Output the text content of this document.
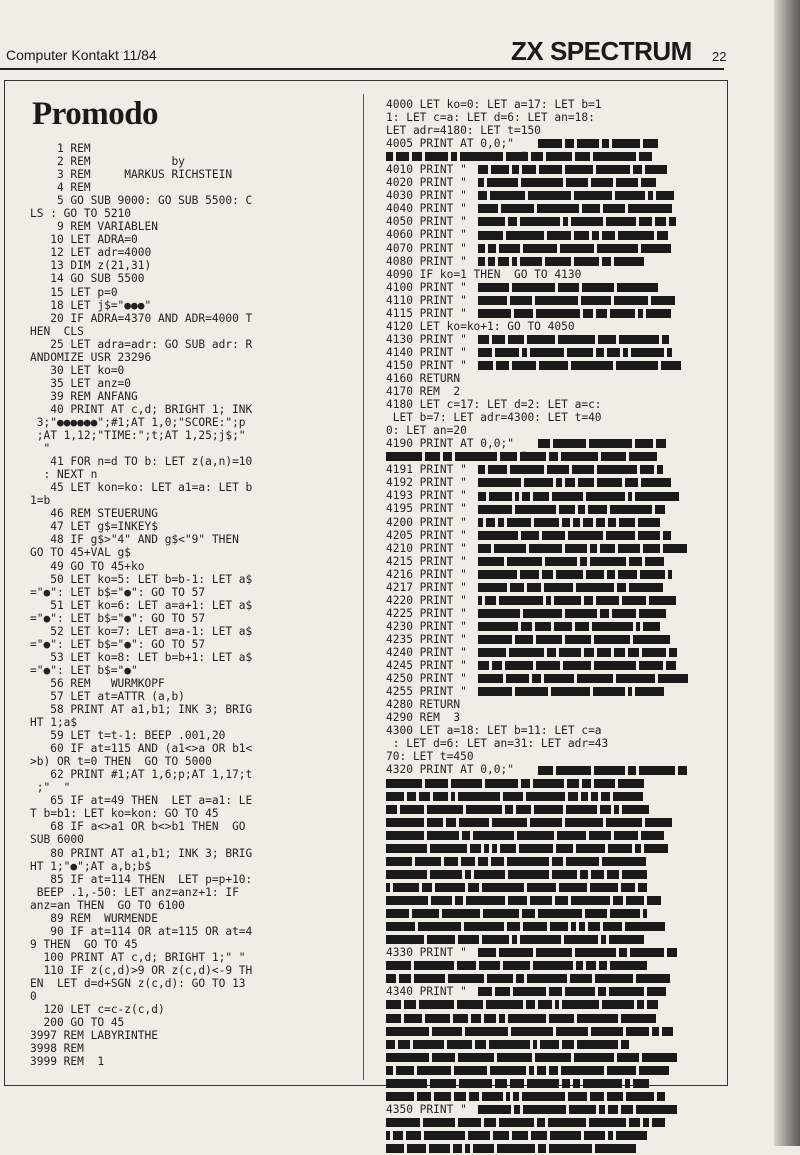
Computer Kontakt 11/84	ZX SPECTRUM 22
Promodo
1 REM
2 REM            by
3 REM     MARKUS RICHSTEIN
4 REM
5 GO SUB 9000: GO SUB 5500: C
LS : GO TO 5210
9 REM VARIABLEN
10 LET ADRA=0
12 LET adr=4000
13 DIM z(21,31)
14 GO SUB 5500
15 LET p=0
18 LET j$="●●●"
20 IF ADRA=4370 AND ADR=4000 T
HEN  CLS
25 LET adra=adr: GO SUB adr: R
ANDOMIZE USR 23296
30 LET ko=0
35 LET anz=0
39 REM ANFANG
40 PRINT AT c,d; BRIGHT 1; INK
3;"●●●●●●";#1;AT 1,0;"SCORE:";p
;AT 1,12;"TIME:";t;AT 1,25;j$;"
"
41 FOR n=d TO b: LET z(a,n)=10
: NEXT n
45 LET kon=ko: LET a1=a: LET b
1=b
46 REM STEUERUNG
47 LET g$=INKEY$
48 IF g$>"4" AND g$<"9" THEN
GO TO 45+VAL g$
49 GO TO 45+ko
50 LET ko=5: LET b=b-1: LET a$
="●": LET b$="●": GO TO 57
51 LET ko=6: LET a=a+1: LET a$
="●": LET b$="●": GO TO 57
52 LET ko=7: LET a=a-1: LET a$
="●": LET b$="●": GO TO 57
53 LET ko=8: LET b=b+1: LET a$
="●": LET b$="●"
56 REM   WURMKOPF
57 LET at=ATTR (a,b)
58 PRINT AT a1,b1; INK 3; BRIG
HT 1;a$
59 LET t=t-1: BEEP .001,20
60 IF at=115 AND (a1<>a OR b1<
>b) OR t=0 THEN  GO TO 5000
62 PRINT #1;AT 1,6;p;AT 1,17;t
;"  "
65 IF at=49 THEN  LET a=a1: LE
T b=b1: LET ko=kon: GO TO 45
68 IF a<>a1 OR b<>b1 THEN  GO
SUB 6000
80 PRINT AT a1,b1; INK 3; BRIG
HT 1;"●";AT a,b;b$
85 IF at=114 THEN  LET p=p+10:
BEEP .1,-50: LET anz=anz+1: IF
anz=an THEN  GO TO 6100
89 REM  WURMENDE
90 IF at=114 OR at=115 OR at=4
9 THEN  GO TO 45
100 PRINT AT c,d; BRIGHT 1;" "
110 IF z(c,d)>9 OR z(c,d)<-9 TH
EN  LET d=d+SGN z(c,d): GO TO 13
0
120 LET c=c-z(c,d)
200 GO TO 45
3997 REM LABYRINTHE
3998 REM
3999 REM  1
4000 LET ko=0: LET a=17: LET b=1
1: LET c=a: LET d=6: LET an=18:
LET adr=4180: LET t=150
4005 PRINT AT 0,0;"
4010 PRINT "
4020 PRINT "
4030 PRINT "
4040 PRINT "
4050 PRINT "
4060 PRINT "
4070 PRINT "
4080 PRINT "
4090 IF ko=1 THEN  GO TO 4130
4100 PRINT "
4110 PRINT "
4115 PRINT "
4120 LET ko=ko+1: GO TO 4050
4130 PRINT "
4140 PRINT "
4150 PRINT "
4160 RETURN
4170 REM  2
4180 LET c=17: LET d=2: LET a=c:
LET b=7: LET adr=4300: LET t=40
0: LET an=20
4190 PRINT AT 0,0;"
4191 PRINT "
4192 PRINT "
4193 PRINT "
4195 PRINT "
4200 PRINT "
4205 PRINT "
4210 PRINT "
4215 PRINT "
4216 PRINT "
4217 PRINT "
4220 PRINT "
4225 PRINT "
4230 PRINT "
4235 PRINT "
4240 PRINT "
4245 PRINT "
4250 PRINT "
4255 PRINT "
4280 RETURN
4290 REM  3
4300 LET a=18: LET b=11: LET c=a
: LET d=6: LET an=31: LET adr=43
70: LET t=450
4320 PRINT AT 0,0;"
4330 PRINT "
4340 PRINT "
4350 PRINT "
